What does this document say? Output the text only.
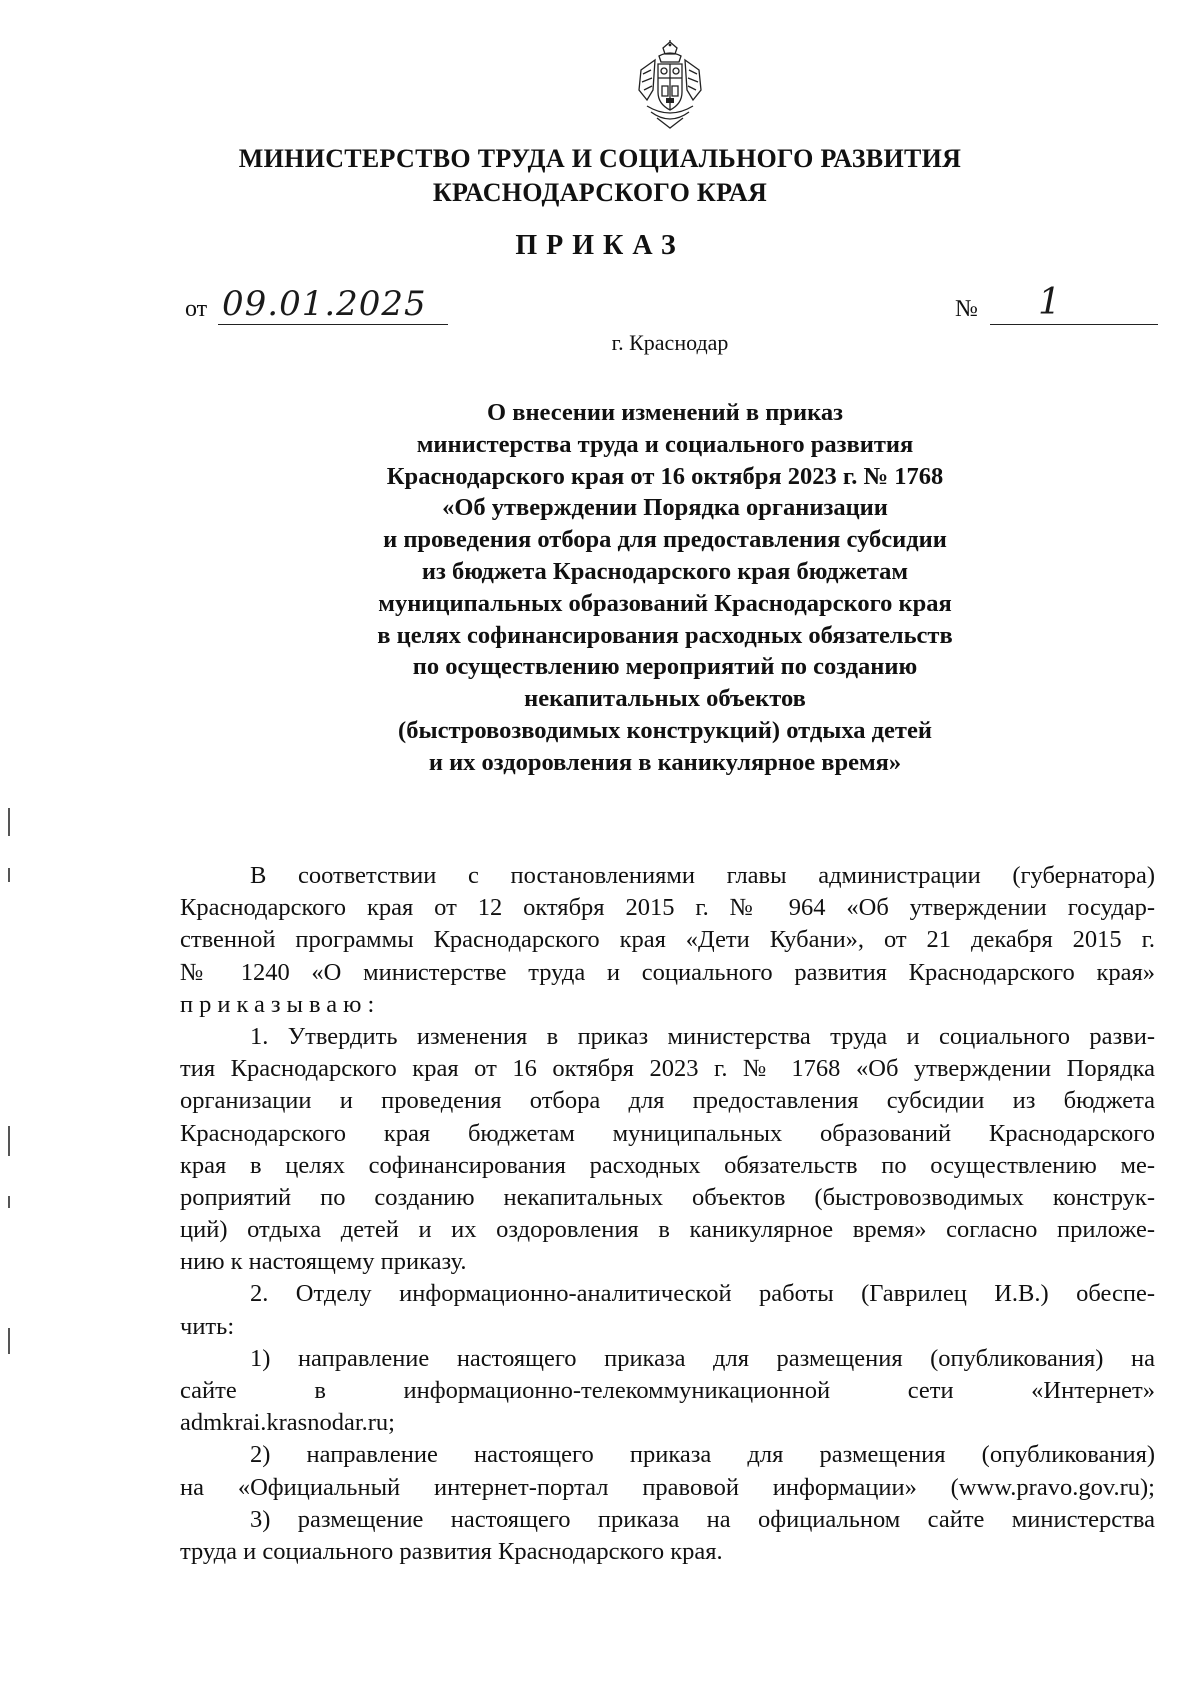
МИНИСТЕРСТВО ТРУДА И СОЦИАЛЬНОГО РАЗВИТИЯ
КРАСНОДАРСКОГО КРАЯ
ПРИКАЗ
от 09.01.2025	№ 1
г. Краснодар
О внесении изменений в приказ
министерства труда и социального развития
Краснодарского края от 16 октября 2023 г. № 1768
«Об утверждении Порядка организации
и проведения отбора для предоставления субсидии
из бюджета Краснодарского края бюджетам
муниципальных образований Краснодарского края
в целях софинансирования расходных обязательств
по осуществлению мероприятий по созданию
некапитальных объектов
(быстровозводимых конструкций) отдыха детей
и их оздоровления в каникулярное время»
В соответствии с постановлениями главы администрации (губернатора)
Краснодарского края от 12 октября 2015 г. № 964 «Об утверждении государ-
ственной программы Краснодарского края «Дети Кубани», от 21 декабря 2015 г.
№ 1240 «О министерстве труда и социального развития Краснодарского края»
приказываю:
1. Утвердить изменения в приказ министерства труда и социального разви-
тия Краснодарского края от 16 октября 2023 г. № 1768 «Об утверждении Порядка
организации и проведения отбора для предоставления субсидии из бюджета
Краснодарского края бюджетам муниципальных образований Краснодарского
края в целях софинансирования расходных обязательств по осуществлению ме-
роприятий по созданию некапитальных объектов (быстровозводимых конструк-
ций) отдыха детей и их оздоровления в каникулярное время» согласно приложе-
нию к настоящему приказу.
2. Отделу информационно-аналитической работы (Гаврилец И.В.) обеспе-
чить:
1) направление настоящего приказа для размещения (опубликования) на
сайте в информационно-телекоммуникационной сети «Интернет»
admkrai.krasnodar.ru;
2) направление настоящего приказа для размещения (опубликования)
на «Официальный интернет-портал правовой информации» (www.pravo.gov.ru);
3) размещение настоящего приказа на официальном сайте министерства
труда и социального развития Краснодарского края.
